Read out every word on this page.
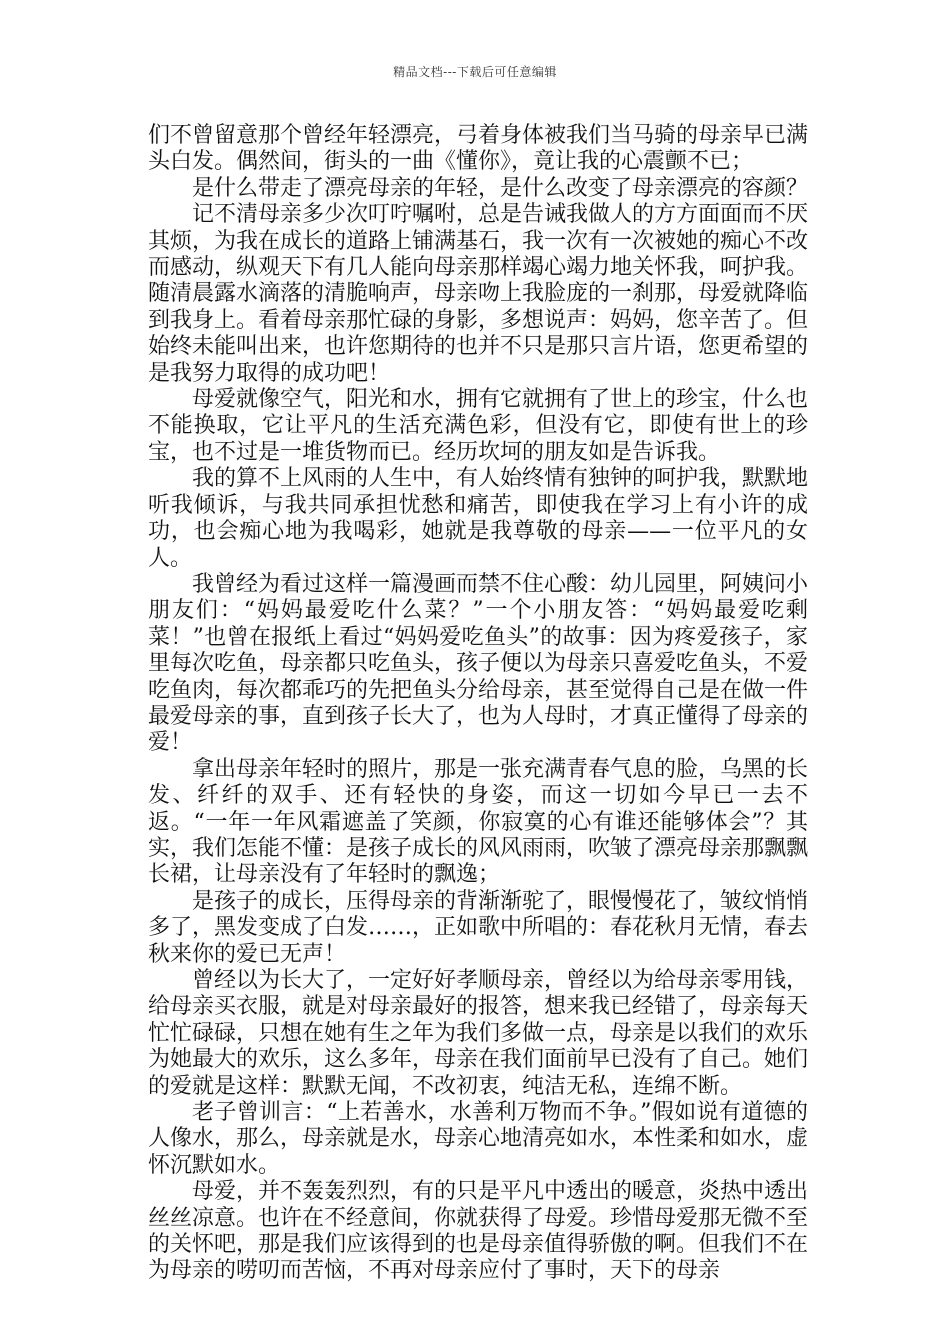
精品文档---下载后可任意编辑

们不曾留意那个曾经年轻漂亮，弓着身体被我们当马骑的母亲早已满头白发。偶然间，街头的一曲《懂你》，竟让我的心震颤不已；

是什么带走了漂亮母亲的年轻，是什么改变了母亲漂亮的容颜？

记不清母亲多少次叮咛嘱咐，总是告诫我做人的方方面面而不厌其烦，为我在成长的道路上铺满基石，我一次有一次被她的痴心不改而感动，纵观天下有几人能向母亲那样竭心竭力地关怀我，呵护我。随清晨露水滴落的清脆响声，母亲吻上我脸庞的一刹那，母爱就降临到我身上。看着母亲那忙碌的身影，多想说声：妈妈，您辛苦了。但始终未能叫出来，也许您期待的也并不只是那只言片语，您更希望的是我努力取得的成功吧！

母爱就像空气，阳光和水，拥有它就拥有了世上的珍宝，什么也不能换取，它让平凡的生活充满色彩，但没有它，即使有世上的珍宝，也不过是一堆货物而已。经历坎坷的朋友如是告诉我。

我的算不上风雨的人生中，有人始终情有独钟的呵护我，默默地听我倾诉，与我共同承担忧愁和痛苦，即使我在学习上有小许的成功，也会痴心地为我喝彩，她就是我尊敬的母亲——一位平凡的女人。

我曾经为看过这样一篇漫画而禁不住心酸：幼儿园里，阿姨问小朋友们：“妈妈最爱吃什么菜？”一个小朋友答：“妈妈最爱吃剩菜！”也曾在报纸上看过“妈妈爱吃鱼头”的故事：因为疼爱孩子，家里每次吃鱼，母亲都只吃鱼头，孩子便以为母亲只喜爱吃鱼头，不爱吃鱼肉，每次都乖巧的先把鱼头分给母亲，甚至觉得自己是在做一件最爱母亲的事，直到孩子长大了，也为人母时，才真正懂得了母亲的爱！

拿出母亲年轻时的照片，那是一张充满青春气息的脸，乌黑的长发、纤纤的双手、还有轻快的身姿，而这一切如今早已一去不返。“一年一年风霜遮盖了笑颜，你寂寞的心有谁还能够体会”？其实，我们怎能不懂：是孩子成长的风风雨雨，吹皱了漂亮母亲那飘飘长裙，让母亲没有了年轻时的飘逸；

是孩子的成长，压得母亲的背渐渐驼了，眼慢慢花了，皱纹悄悄多了，黑发变成了白发……，正如歌中所唱的：春花秋月无情，春去秋来你的爱已无声！

曾经以为长大了，一定好好孝顺母亲，曾经以为给母亲零用钱，给母亲买衣服，就是对母亲最好的报答，想来我已经错了，母亲每天忙忙碌碌，只想在她有生之年为我们多做一点，母亲是以我们的欢乐为她最大的欢乐，这么多年，母亲在我们面前早已没有了自己。她们的爱就是这样：默默无闻，不改初衷，纯洁无私，连绵不断。

老子曾训言：“上若善水，水善利万物而不争。”假如说有道德的人像水，那么，母亲就是水，母亲心地清亮如水，本性柔和如水，虚怀沉默如水。

母爱，并不轰轰烈烈，有的只是平凡中透出的暖意，炎热中透出丝丝凉意。也许在不经意间，你就获得了母爱。珍惜母爱那无微不至的关怀吧，那是我们应该得到的也是母亲值得骄傲的啊。但我们不在为母亲的唠叨而苦恼，不再对母亲应付了事时，天下的母亲
